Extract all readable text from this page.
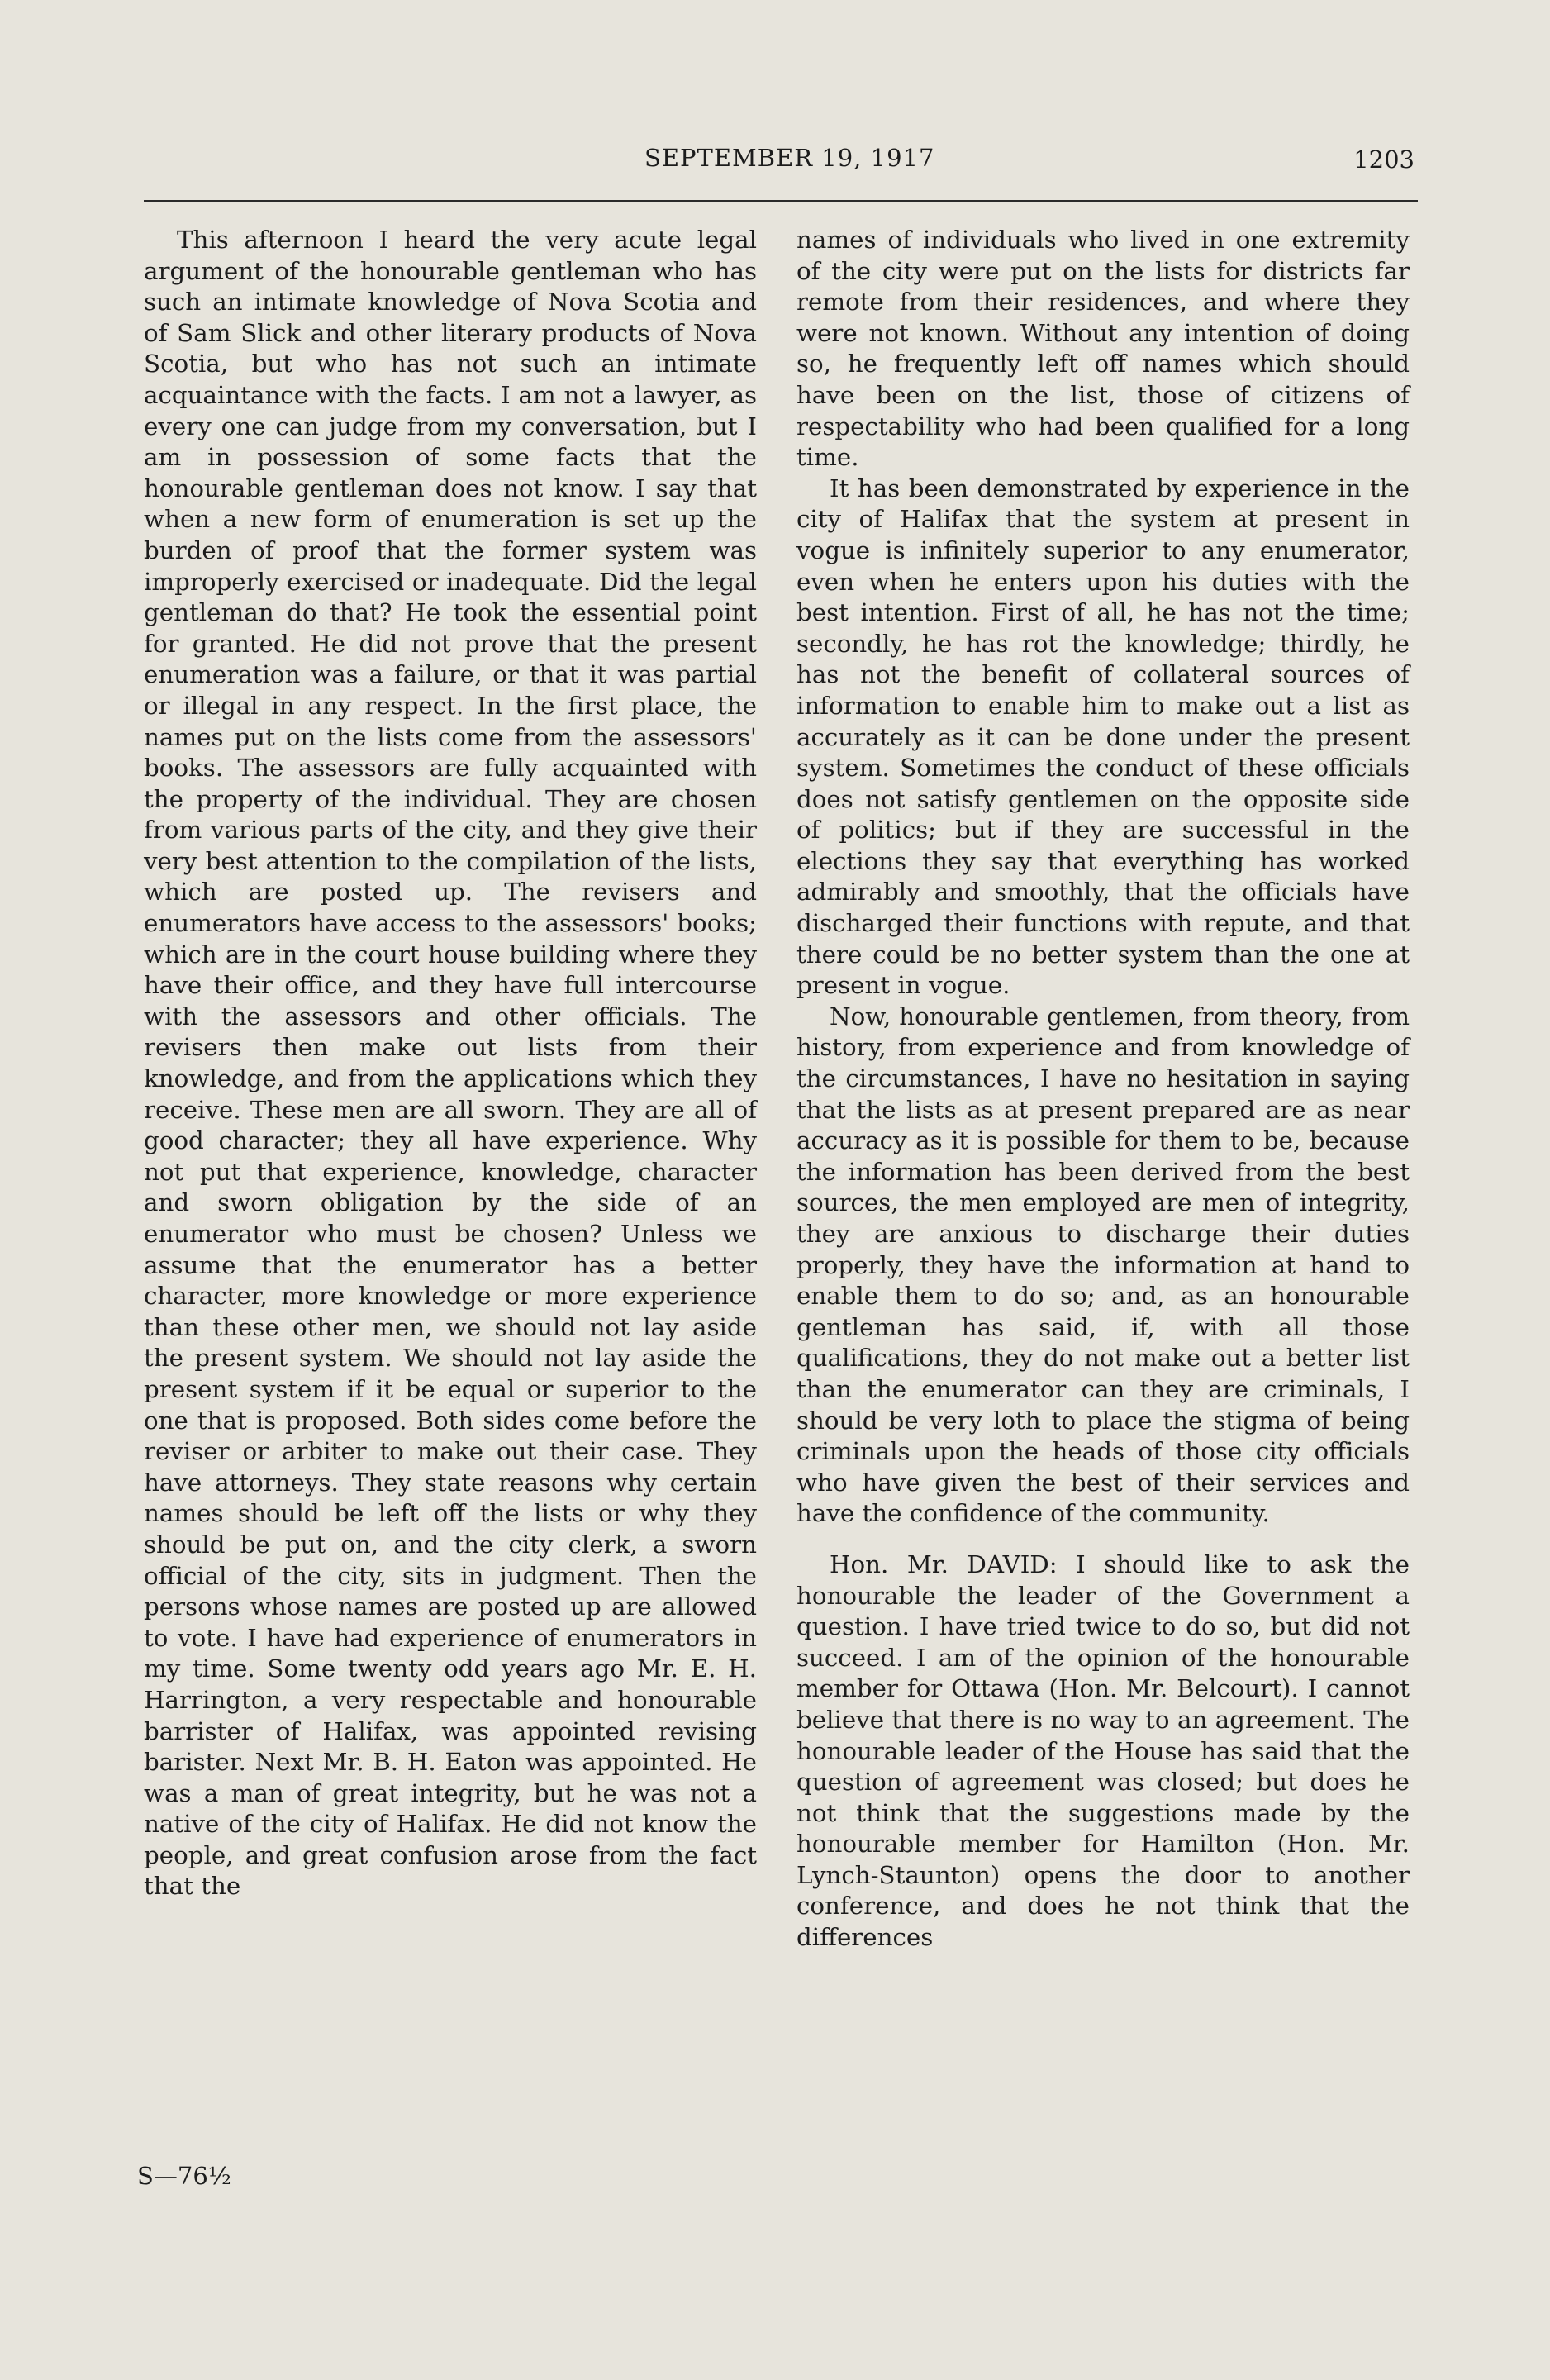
SEPTEMBER 19, 1917	1203

This afternoon I heard the very acute legal argument of the honourable gentleman who has such an intimate knowledge of Nova Scotia and of Sam Slick and other literary products of Nova Scotia, but who has not such an intimate acquaintance with the facts. I am not a lawyer, as every one can judge from my conversation, but I am in possession of some facts that the honourable gentleman does not know. I say that when a new form of enumeration is set up the burden of proof that the former system was improperly exercised or inadequate. Did the legal gentleman do that? He took the essential point for granted. He did not prove that the present enumeration was a failure, or that it was partial or illegal in any respect. In the first place, the names put on the lists come from the assessors' books. The assessors are fully acquainted with the property of the individual. They are chosen from various parts of the city, and they give their very best attention to the compilation of the lists, which are posted up. The revisers and enumerators have access to the assessors' books; which are in the court house building where they have their office, and they have full intercourse with the assessors and other officials. The revisers then make out lists from their knowledge, and from the applications which they receive. These men are all sworn. They are all of good character; they all have experience. Why not put that experience, knowledge, character and sworn obligation by the side of an enumerator who must be chosen? Unless we assume that the enumerator has a better character, more knowledge or more experience than these other men, we should not lay aside the present system. We should not lay aside the present system if it be equal or superior to the one that is proposed. Both sides come before the reviser or arbiter to make out their case. They have attorneys. They state reasons why certain names should be left off the lists or why they should be put on, and the city clerk, a sworn official of the city, sits in judgment. Then the persons whose names are posted up are allowed to vote. I have had experience of enumerators in my time. Some twenty odd years ago Mr. E. H. Harrington, a very respectable and honourable barrister of Halifax, was appointed revising barister. Next Mr. B. H. Eaton was appointed. He was a man of great integrity, but he was not a native of the city of Halifax. He did not know the people, and great confusion arose from the fact that the

names of individuals who lived in one extremity of the city were put on the lists for districts far remote from their residences, and where they were not known. Without any intention of doing so, he frequently left off names which should have been on the list, those of citizens of respectability who had been qualified for a long time.

It has been demonstrated by experience in the city of Halifax that the system at present in vogue is infinitely superior to any enumerator, even when he enters upon his duties with the best intention. First of all, he has not the time; secondly, he has rot the knowledge; thirdly, he has not the benefit of collateral sources of information to enable him to make out a list as accurately as it can be done under the present system. Sometimes the conduct of these officials does not satisfy gentlemen on the opposite side of politics; but if they are successful in the elections they say that everything has worked admirably and smoothly, that the officials have discharged their functions with repute, and that there could be no better system than the one at present in vogue.

Now, honourable gentlemen, from theory, from history, from experience and from knowledge of the circumstances, I have no hesitation in saying that the lists as at present prepared are as near accuracy as it is possible for them to be, because the information has been derived from the best sources, the men employed are men of integrity, they are anxious to discharge their duties properly, they have the information at hand to enable them to do so; and, as an honourable gentleman has said, if, with all those qualifications, they do not make out a better list than the enumerator can they are criminals, I should be very loth to place the stigma of being criminals upon the heads of those city officials who have given the best of their services and have the confidence of the community.

Hon. Mr. DAVID: I should like to ask the honourable the leader of the Government a question. I have tried twice to do so, but did not succeed. I am of the opinion of the honourable member for Ottawa (Hon. Mr. Belcourt). I cannot believe that there is no way to an agreement. The honourable leader of the House has said that the question of agreement was closed; but does he not think that the suggestions made by the honourable member for Hamilton (Hon. Mr. Lynch-Staunton) opens the door to another conference, and does he not think that the differences

S—76½
